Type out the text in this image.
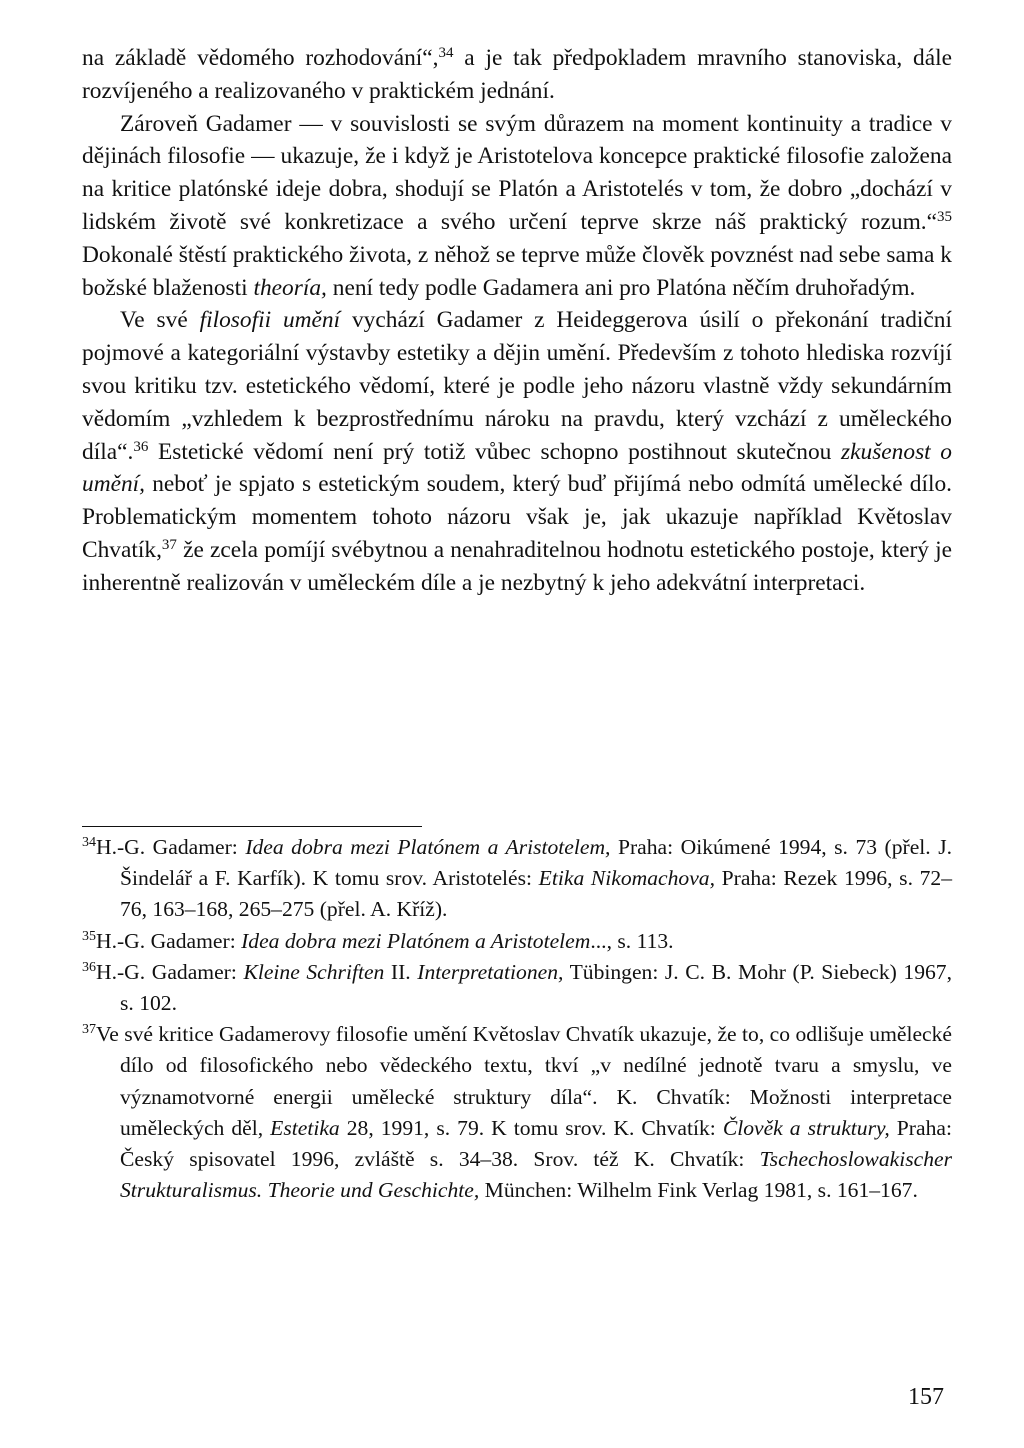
na základě vědomého rozhodování“,$^{34}$ a je tak předpokladem mravního stanoviska, dále rozvíjeného a realizovaného v praktickém jednání.

Zároveň Gadamer — v souvislosti se svým důrazem na moment kontinuity a tradice v dějinách filosofie — ukazuje, že i když je Aristotelova koncepce praktické filosofie založena na kritice platónské ideje dobra, shodují se Platón a Aristotelés v tom, že dobro „dochází v lidském životě své konkretizace a svého určení teprve skrze náš praktický rozum.“$^{35}$ Dokonalé štěstí praktického života, z něhož se teprve může člověk povznést nad sebe sama k božské blaženosti theoría, není tedy podle Gadamera ani pro Platóna něčím druhořadým.

Ve své filosofii umění vychází Gadamer z Heideggerova úsilí o překonání tradiční pojmové a kategoriální výstavby estetiky a dějin umění. Především z tohoto hlediska rozvíjí svou kritiku tzv. estetického vědomí, které je podle jeho názoru vlastně vždy sekundárním vědomím „vzhledem k bezprostřednímu nároku na pravdu, který vzchází z uměleckého díla“.$^{36}$ Estetické vědomí není prý totiž vůbec schopno postihnout skutečnou zkušenost o umění, neboť je spjato s estetickým soudem, který buď přijímá nebo odmítá umělecké dílo. Problematickým momentem tohoto názoru však je, jak ukazuje například Květoslav Chvatík,$^{37}$ že zcela pomíjí svébytnou a nenahraditelnou hodnotu estetického postoje, který je inherentně realizován v uměleckém díle a je nezbytný k jeho adekvátní interpretaci.

$^{34}$H.-G. Gadamer: Idea dobra mezi Platónem a Aristotelem, Praha: Oikúmené 1994, s. 73 (přel. J. Šindelář a F. Karfík). K tomu srov. Aristotelés: Etika Nikomachova, Praha: Rezek 1996, s. 72–76, 163–168, 265–275 (přel. A. Kříž).

$^{35}$H.-G. Gadamer: Idea dobra mezi Platónem a Aristotelem..., s. 113.

$^{36}$H.-G. Gadamer: Kleine Schriften II. Interpretationen, Tübingen: J. C. B. Mohr (P. Siebeck) 1967, s. 102.

$^{37}$Ve své kritice Gadamerovy filosofie umění Květoslav Chvatík ukazuje, že to, co odlišuje umělecké dílo od filosofického nebo vědeckého textu, tkví „v nedílné jednotě tvaru a smyslu, ve významotvorné energii umělecké struktury díla“. K. Chvatík: Možnosti interpretace uměleckých děl, Estetika 28, 1991, s. 79. K tomu srov. K. Chvatík: Člověk a struktury, Praha: Český spisovatel 1996, zvláště s. 34–38. Srov. též K. Chvatík: Tschechoslowakischer Strukturalismus. Theorie und Geschichte, München: Wilhelm Fink Verlag 1981, s. 161–167.

157
